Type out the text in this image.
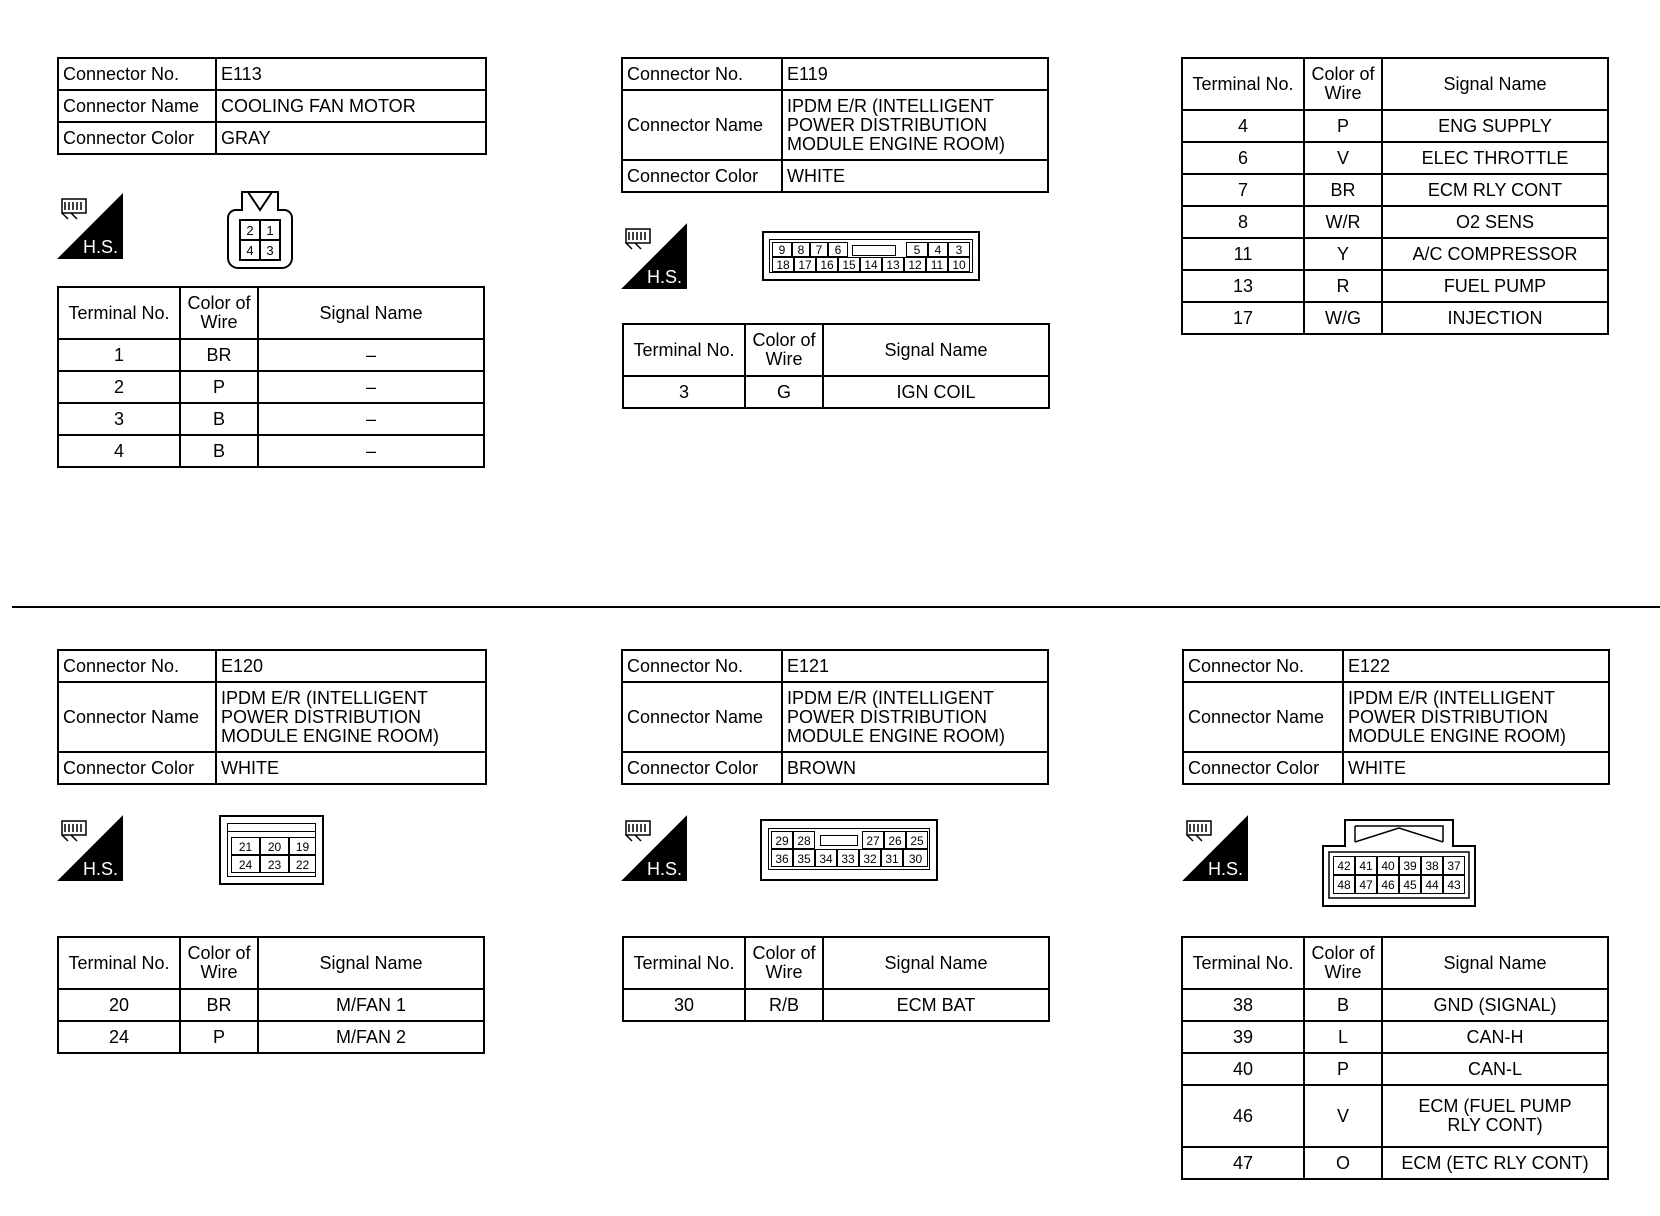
Connector No.	E113
Connector Name	COOLING FAN MOTOR
Connector Color	GRAY
H.S.
2 1
4 3
Terminal No.	Color of
Wire	Signal Name
1	BR	–
2	P	–
3	B	–
4	B	–
Connector No.	E119
Connector Name	IPDM E/R (INTELLIGENT
POWER DISTRIBUTION
MODULE ENGINE ROOM)
Connector Color	WHITE
H.S.
9	8 7	6	5	4	3
18 17 16 15 14 13 12 11 10
Terminal No.	Color of
Wire	Signal Name
3	G	IGN COIL
Terminal No.	Color of
Wire	Signal Name
4	P	ENG SUPPLY
6	V	ELEC THROTTLE
7	BR	ECM RLY CONT
8	W/R	O2 SENS
11	Y	A/C COMPRESSOR
13	R	FUEL PUMP
17	W/G	INJECTION
Connector No.	E120
Connector Name	IPDM E/R (INTELLIGENT
POWER DISTRIBUTION
MODULE ENGINE ROOM)
Connector Color	WHITE
H.S.
21	20	19
24	23	22
Terminal No.	Color of
Wire	Signal Name
20	BR	M/FAN 1
24	P	M/FAN 2
Connector No.	E121
Connector Name	IPDM E/R (INTELLIGENT
POWER DISTRIBUTION
MODULE ENGINE ROOM)
Connector Color	BROWN
H.S.
29 28	27 26 25
36 35 34 33 32 31 30
Terminal No.	Color of
Wire	Signal Name
30	R/B	ECM BAT
Connector No.	E122
Connector Name	IPDM E/R (INTELLIGENT
POWER DISTRIBUTION
MODULE ENGINE ROOM)
Connector Color	WHITE
H.S.	42 41 40 39 38 37
48 47 46 45 44 43
Terminal No.	Color of
Wire	Signal Name
38	B	GND (SIGNAL)
39	L	CAN-H
40	P	CAN-L
46	V	ECM (FUEL PUMP
RLY CONT)
47	O	ECM (ETC RLY CONT)
